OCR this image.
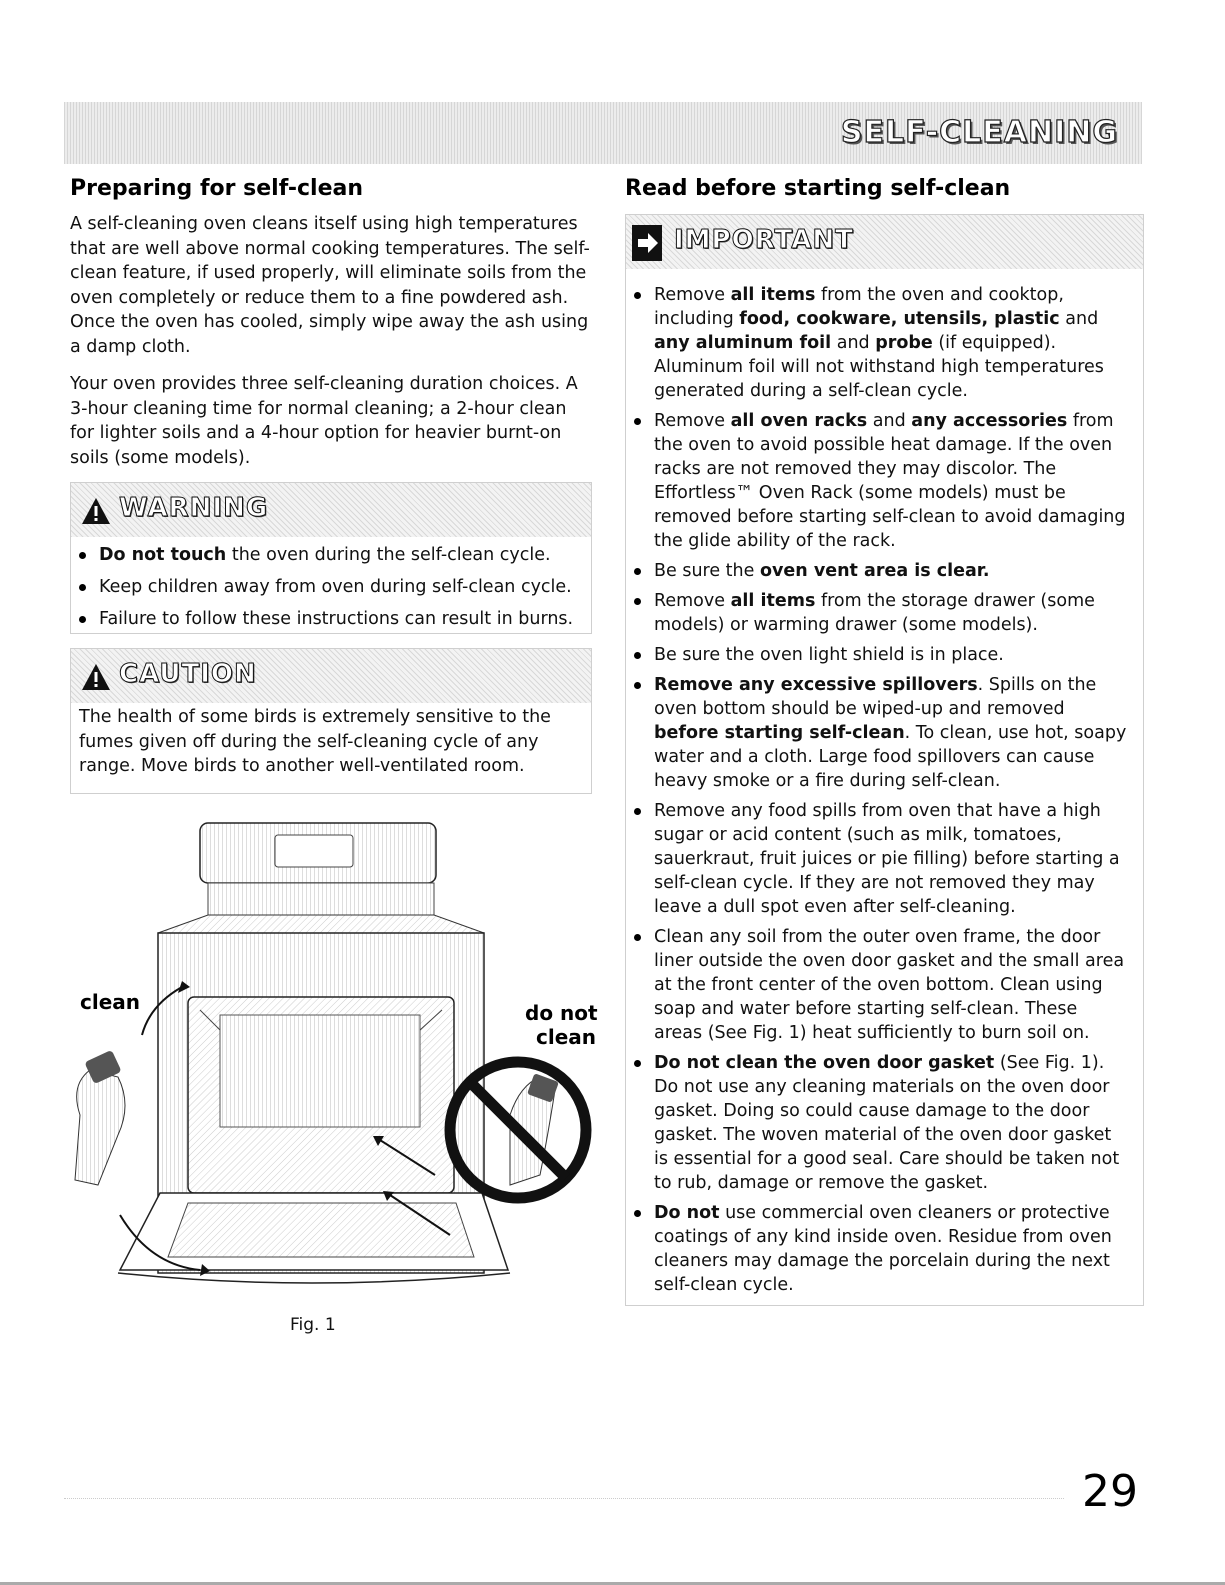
SELF-CLEANING
Preparing for self-clean
A self-cleaning oven cleans itself using high temperatures that are well above normal cooking temperatures. The self-clean feature, if used properly, will eliminate soils from the oven completely or reduce them to a fine powdered ash. Once the oven has cooled, simply wipe away the ash using a damp cloth.
Your oven provides three self-cleaning duration choices. A 3-hour cleaning time for normal cleaning; a 2-hour clean for lighter soils and a 4-hour option for heavier burnt-on soils (some models).
WARNING
Do not touch the oven during the self-clean cycle.
Keep children away from oven during self-clean cycle.
Failure to follow these instructions can result in burns.
CAUTION
The health of some birds is extremely sensitive to the fumes given off during the self-cleaning cycle of any range. Move birds to another well-ventilated room.
clean	do not
clean
Fig. 1
Read before starting self-clean
IMPORTANT
Remove all items from the oven and cooktop, including food, cookware, utensils, plastic and any aluminum foil and probe (if equipped). Aluminum foil will not withstand high temperatures generated during a self-clean cycle.
Remove all oven racks and any accessories from the oven to avoid possible heat damage. If the oven racks are not removed they may discolor. The Effortless™ Oven Rack (some models) must be removed before starting self-clean to avoid damaging the glide ability of the rack.
Be sure the oven vent area is clear.
Remove all items from the storage drawer (some models) or warming drawer (some models).
Be sure the oven light shield is in place.
Remove any excessive spillovers. Spills on the oven bottom should be wiped-up and removed before starting self-clean. To clean, use hot, soapy water and a cloth. Large food spillovers can cause heavy smoke or a fire during self-clean.
Remove any food spills from oven that have a high sugar or acid content (such as milk, tomatoes, sauerkraut, fruit juices or pie filling) before starting a self-clean cycle. If they are not removed they may leave a dull spot even after self-cleaning.
Clean any soil from the outer oven frame, the door liner outside the oven door gasket and the small area at the front center of the oven bottom. Clean using soap and water before starting self-clean. These areas (See Fig. 1) heat sufficiently to burn soil on.
Do not clean the oven door gasket (See Fig. 1). Do not use any cleaning materials on the oven door gasket. Doing so could cause damage to the door gasket. The woven material of the oven door gasket is essential for a good seal. Care should be taken not to rub, damage or remove the gasket.
Do not use commercial oven cleaners or protective coatings of any kind inside oven. Residue from oven cleaners may damage the porcelain during the next self-clean cycle.
29
